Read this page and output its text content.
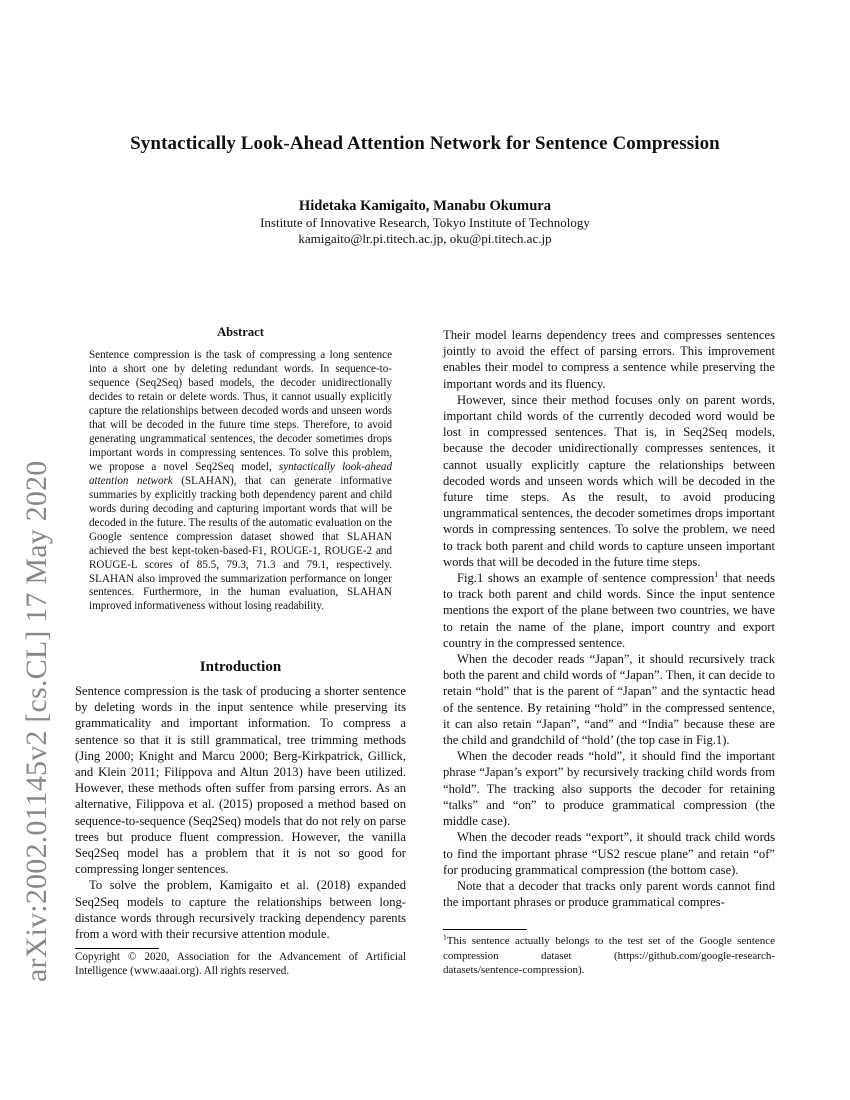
arXiv:2002.01145v2 [cs.CL] 17 May 2020
Syntactically Look-Ahead Attention Network for Sentence Compression
Hidetaka Kamigaito, Manabu Okumura
Institute of Innovative Research, Tokyo Institute of Technology
kamigaito@lr.pi.titech.ac.jp, oku@pi.titech.ac.jp
Abstract
Sentence compression is the task of compressing a long sentence into a short one by deleting redundant words. In sequence-to-sequence (Seq2Seq) based models, the decoder unidirectionally decides to retain or delete words. Thus, it cannot usually explicitly capture the relationships between decoded words and unseen words that will be decoded in the future time steps. Therefore, to avoid generating ungrammatical sentences, the decoder sometimes drops important words in compressing sentences. To solve this problem, we propose a novel Seq2Seq model, syntactically look-ahead attention network (SLAHAN), that can generate informative summaries by explicitly tracking both dependency parent and child words during decoding and capturing important words that will be decoded in the future. The results of the automatic evaluation on the Google sentence compression dataset showed that SLAHAN achieved the best kept-token-based-F1, ROUGE-1, ROUGE-2 and ROUGE-L scores of 85.5, 79.3, 71.3 and 79.1, respectively. SLAHAN also improved the summarization performance on longer sentences. Furthermore, in the human evaluation, SLAHAN improved informativeness without losing readability.
Introduction

Sentence compression is the task of producing a shorter sentence by deleting words in the input sentence while preserving its grammaticality and important information. To compress a sentence so that it is still grammatical, tree trimming methods (Jing 2000; Knight and Marcu 2000; Berg-Kirkpatrick, Gillick, and Klein 2011; Filippova and Altun 2013) have been utilized. However, these methods often suffer from parsing errors. As an alternative, Filippova et al. (2015) proposed a method based on sequence-to-sequence (Seq2Seq) models that do not rely on parse trees but produce fluent compression. However, the vanilla Seq2Seq model has a problem that it is not so good for compressing longer sentences.

To solve the problem, Kamigaito et al. (2018) expanded Seq2Seq models to capture the relationships between long-distance words through recursively tracking dependency parents from a word with their recursive attention module.

Copyright © 2020, Association for the Advancement of Artificial Intelligence (www.aaai.org). All rights reserved.

Their model learns dependency trees and compresses sentences jointly to avoid the effect of parsing errors. This improvement enables their model to compress a sentence while preserving the important words and its fluency.

However, since their method focuses only on parent words, important child words of the currently decoded word would be lost in compressed sentences. That is, in Seq2Seq models, because the decoder unidirectionally compresses sentences, it cannot usually explicitly capture the relationships between decoded words and unseen words which will be decoded in the future time steps. As the result, to avoid producing ungrammatical sentences, the decoder sometimes drops important words in compressing sentences. To solve the problem, we need to track both parent and child words to capture unseen important words that will be decoded in the future time steps.

Fig.1 shows an example of sentence compression$^1$ that needs to track both parent and child words. Since the input sentence mentions the export of the plane between two countries, we have to retain the name of the plane, import country and export country in the compressed sentence.

When the decoder reads “Japan”, it should recursively track both the parent and child words of “Japan”. Then, it can decide to retain “hold” that is the parent of “Japan” and the syntactic head of the sentence. By retaining “hold” in the compressed sentence, it can also retain “Japan”, “and” and “India” because these are the child and grandchild of “hold’ (the top case in Fig.1).

When the decoder reads “hold”, it should find the important phrase “Japan’s export” by recursively tracking child words from “hold”. The tracking also supports the decoder for retaining “talks” and “on” to produce grammatical compression (the middle case).

When the decoder reads “export”, it should track child words to find the important phrase “US2 rescue plane” and retain “of” for producing grammatical compression (the bottom case).

Note that a decoder that tracks only parent words cannot find the important phrases or produce grammatical compres-

$^1$This sentence actually belongs to the test set of the Google sentence compression dataset (https://github.com/google-research-datasets/sentence-compression).
